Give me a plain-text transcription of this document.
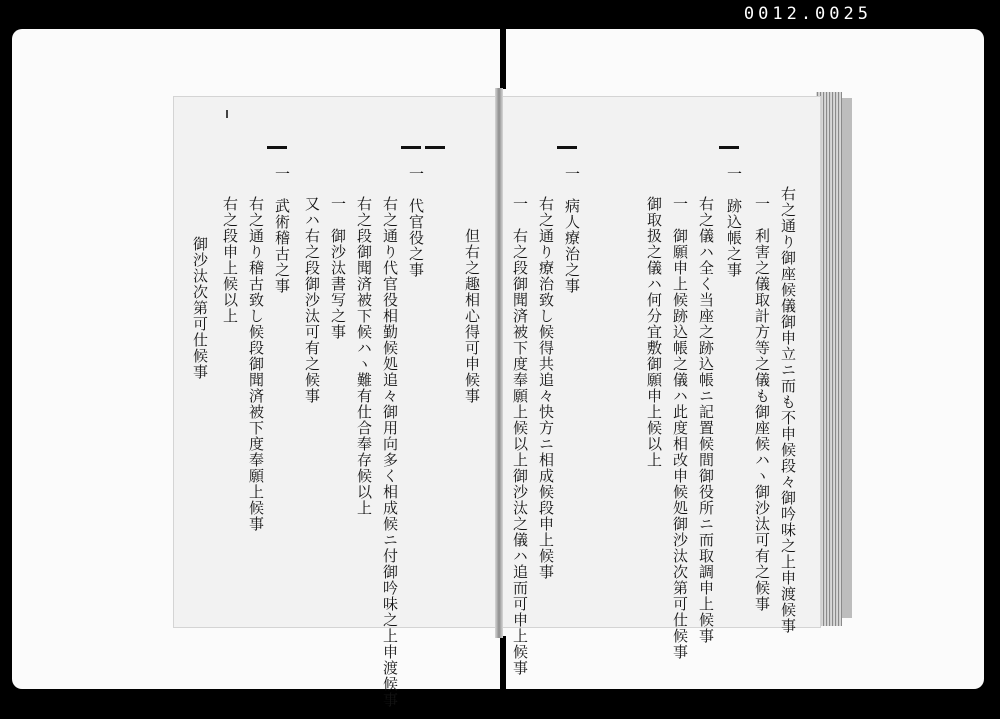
0012.0025
但右之趣相心得可申候事
一　代官役之事
右之通り代官役相勤候処追々御用向多く相成候ニ付御吟味之上申渡候事
右之段御聞済被下候ハヽ難有仕合奉存候以上
一　御沙汰書写之事
又ハ右之段御沙汰可有之候事
一　武術稽古之事
右之通り稽古致し候段御聞済被下度奉願上候事
右之段申上候以上
御沙汰次第可仕候事
一　跡込帳之事 右之通り御座候儀御申立ニ而も不申候段々御吟味之上申渡候事
一　利害之儀取計方等之儀も御座候ハヽ御沙汰可有之候事
右之儀ハ全く当座之跡込帳ニ記置候間御役所ニ而取調申上候事
一　御願申上候跡込帳之儀ハ此度相改申候処御沙汰次第可仕候事
御取扱之儀ハ何分宜敷御願申上候以上
一　病人療治之事
右之通り療治致し候得共追々快方ニ相成候段申上候事
一　右之段御聞済被下度奉願上候以上御沙汰之儀ハ追而可申上候事
